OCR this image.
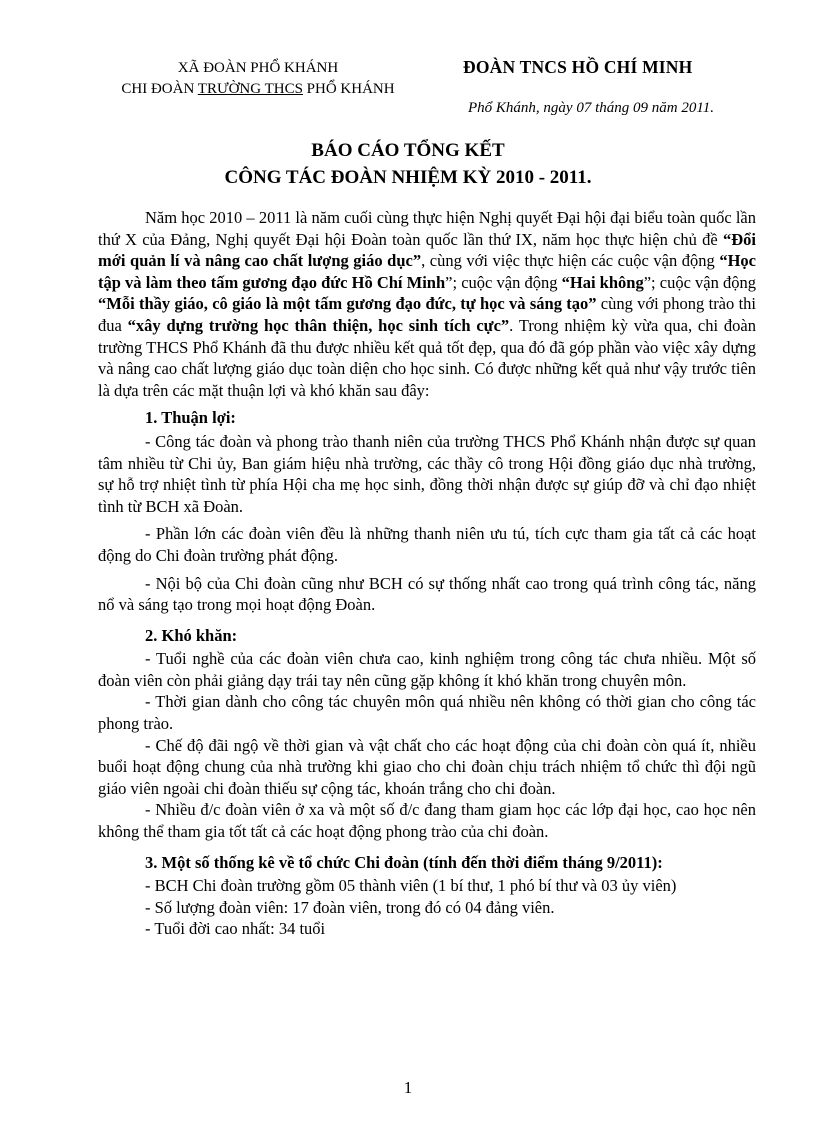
XÃ ĐOÀN PHỔ KHÁNH
CHI ĐOÀN TRƯỜNG THCS PHỔ KHÁNH
ĐOÀN TNCS HỒ CHÍ MINH
Phổ Khánh, ngày 07 tháng 09 năm 2011.
BÁO CÁO TỔNG KẾT
CÔNG TÁC ĐOÀN NHIỆM KỲ 2010 - 2011.

Năm học 2010 – 2011 là năm cuối cùng thực hiện Nghị quyết Đại hội đại biểu toàn quốc lần thứ X của Đảng, Nghị quyết Đại hội Đoàn toàn quốc lần thứ IX, năm học thực hiện chủ đề “Đổi mới quản lí và nâng cao chất lượng giáo dục”, cùng với việc thực hiện các cuộc vận động “Học tập và làm theo tấm gương đạo đức Hồ Chí Minh”; cuộc vận động “Hai không”; cuộc vận động “Mỗi thầy giáo, cô giáo là một tấm gương đạo đức, tự học và sáng tạo” cùng với phong trào thi đua “xây dựng trường học thân thiện, học sinh tích cực”. Trong nhiệm kỳ vừa qua, chi đoàn trường THCS Phổ Khánh đã thu được nhiều kết quả tốt đẹp, qua đó đã góp phần vào việc xây dựng và nâng cao chất lượng giáo dục toàn diện cho học sinh. Có được những kết quả như vậy trước tiên là dựa trên các mặt thuận lợi và khó khăn sau đây:

1. Thuận lợi:

- Công tác đoàn và phong trào thanh niên của trường THCS Phổ Khánh nhận được sự quan tâm nhiều từ Chi ủy, Ban giám hiệu nhà trường, các thầy cô trong Hội đồng giáo dục nhà trường, sự hỗ trợ nhiệt tình từ phía Hội cha mẹ học sinh, đồng thời nhận được sự giúp đỡ và chỉ đạo nhiệt tình từ BCH xã Đoàn.

- Phần lớn các đoàn viên đều là những thanh niên ưu tú, tích cực tham gia tất cả các hoạt động do Chi đoàn trường phát động.

- Nội bộ của Chi đoàn cũng như BCH có sự thống nhất cao trong quá trình công tác, năng nổ và sáng tạo trong mọi hoạt động Đoàn.

2. Khó khăn:

- Tuổi nghề của các đoàn viên chưa cao, kinh nghiệm trong công tác chưa nhiều. Một số đoàn viên còn phải giảng dạy trái tay nên cũng gặp không ít khó khăn trong chuyên môn.

- Thời gian dành cho công tác chuyên môn quá nhiều nên không có thời gian cho công tác phong trào.

- Chế độ đãi ngộ về thời gian và vật chất cho các hoạt động của chi đoàn còn quá ít, nhiều buổi hoạt động chung của nhà trường khi giao cho chi đoàn chịu trách nhiệm tổ chức thì đội ngũ giáo viên ngoài chi đoàn thiếu sự cộng tác, khoán trắng cho chi đoàn.

- Nhiều đ/c đoàn viên ở xa và một số đ/c đang tham giam học các lớp đại học, cao học nên không thể tham gia tốt tất cả các hoạt động phong trào của chi đoàn.

3. Một số thống kê về tổ chức Chi đoàn (tính đến thời điểm tháng 9/2011):

- BCH Chi đoàn trường gồm 05 thành viên (1 bí thư, 1 phó bí thư và 03 ủy viên)

- Số lượng đoàn viên: 17 đoàn viên, trong đó có 04 đảng viên.

- Tuổi đời cao nhất: 34 tuổi

1
